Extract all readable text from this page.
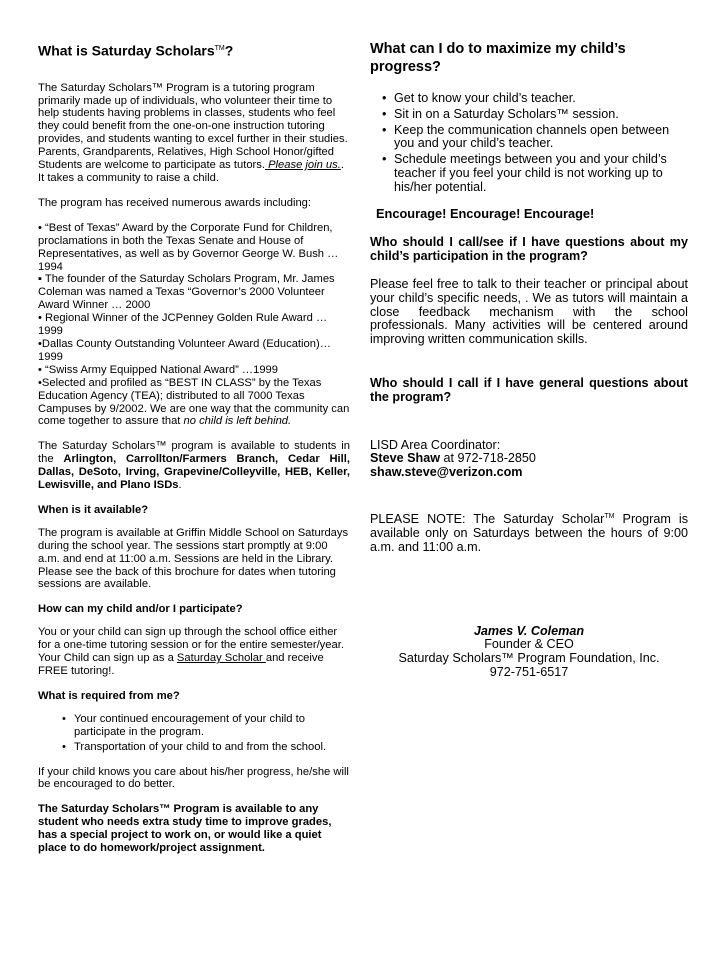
What is Saturday Scholars™?

The Saturday Scholars™ Program is a tutoring program primarily made up of individuals, who volunteer their time to help students having problems in classes, students who feel they could benefit from the one-on-one instruction tutoring provides, and students wanting to excel further in their studies. Parents, Grandparents, Relatives, High School Honor/gifted Students are welcome to participate as tutors. Please join us.. It takes a community to raise a child.

The program has received numerous awards including:

• “Best of Texas” Award by the Corporate Fund for Children, proclamations in both the Texas Senate and House of Representatives, as well as by Governor George W. Bush …1994

▪ The founder of the Saturday Scholars Program, Mr. James Coleman was named a Texas “Governor’s 2000 Volunteer Award Winner … 2000

• Regional Winner of the JCPenney Golden Rule Award …1999

•Dallas County Outstanding Volunteer Award (Education)…1999

• “Swiss Army Equipped National Award” …1999

•Selected and profiled as “BEST IN CLASS” by the Texas Education Agency (TEA); distributed to all 7000 Texas Campuses by 9/2002. We are one way that the community can come together to assure that no child is left behind.

The Saturday Scholars™ program is available to students in the Arlington, Carrollton/Farmers Branch, Cedar Hill, Dallas, DeSoto, Irving, Grapevine/Colleyville, HEB, Keller, Lewisville, and Plano ISDs.

When is it available?

The program is available at Griffin Middle School on Saturdays during the school year. The sessions start promptly at 9:00 a.m. and end at 11:00 a.m. Sessions are held in the Library. Please see the back of this brochure for dates when tutoring sessions are available.

How can my child and/or I participate?

You or your child can sign up through the school office either for a one-time tutoring session or for the entire semester/year. Your Child can sign up as a Saturday Scholar and receive FREE tutoring!.

What is required from me?

• Your continued encouragement of your child to participate in the program.
• Transportation of your child to and from the school.

If your child knows you care about his/her progress, he/she will be encouraged to do better.

The Saturday Scholars™ Program is available to any student who needs extra study time to improve grades, has a special project to work on, or would like a quiet place to do homework/project assignment.

What can I do to maximize my child’s progress?
• Get to know your child’s teacher.
• Sit in on a Saturday Scholars™ session.
• Keep the communication channels open between you and your child’s teacher.
• Schedule meetings between you and your child’s teacher if you feel your child is not working up to his/her potential.

Encourage! Encourage! Encourage!

Who should I call/see if I have questions about my child’s participation in the program?

Please feel free to talk to their teacher or principal about your child’s specific needs, . We as tutors will maintain a close feedback mechanism with the school professionals. Many activities will be centered around improving written communication skills.

Who should I call if I have general questions about the program?

LISD Area Coordinator:
Steve Shaw at 972-718-2850
shaw.steve@verizon.com

PLEASE NOTE: The Saturday Scholar™ Program is available only on Saturdays between the hours of 9:00 a.m. and 11:00 a.m.

James V. Coleman
Founder & CEO
Saturday Scholars™ Program Foundation, Inc.
972-751-6517
